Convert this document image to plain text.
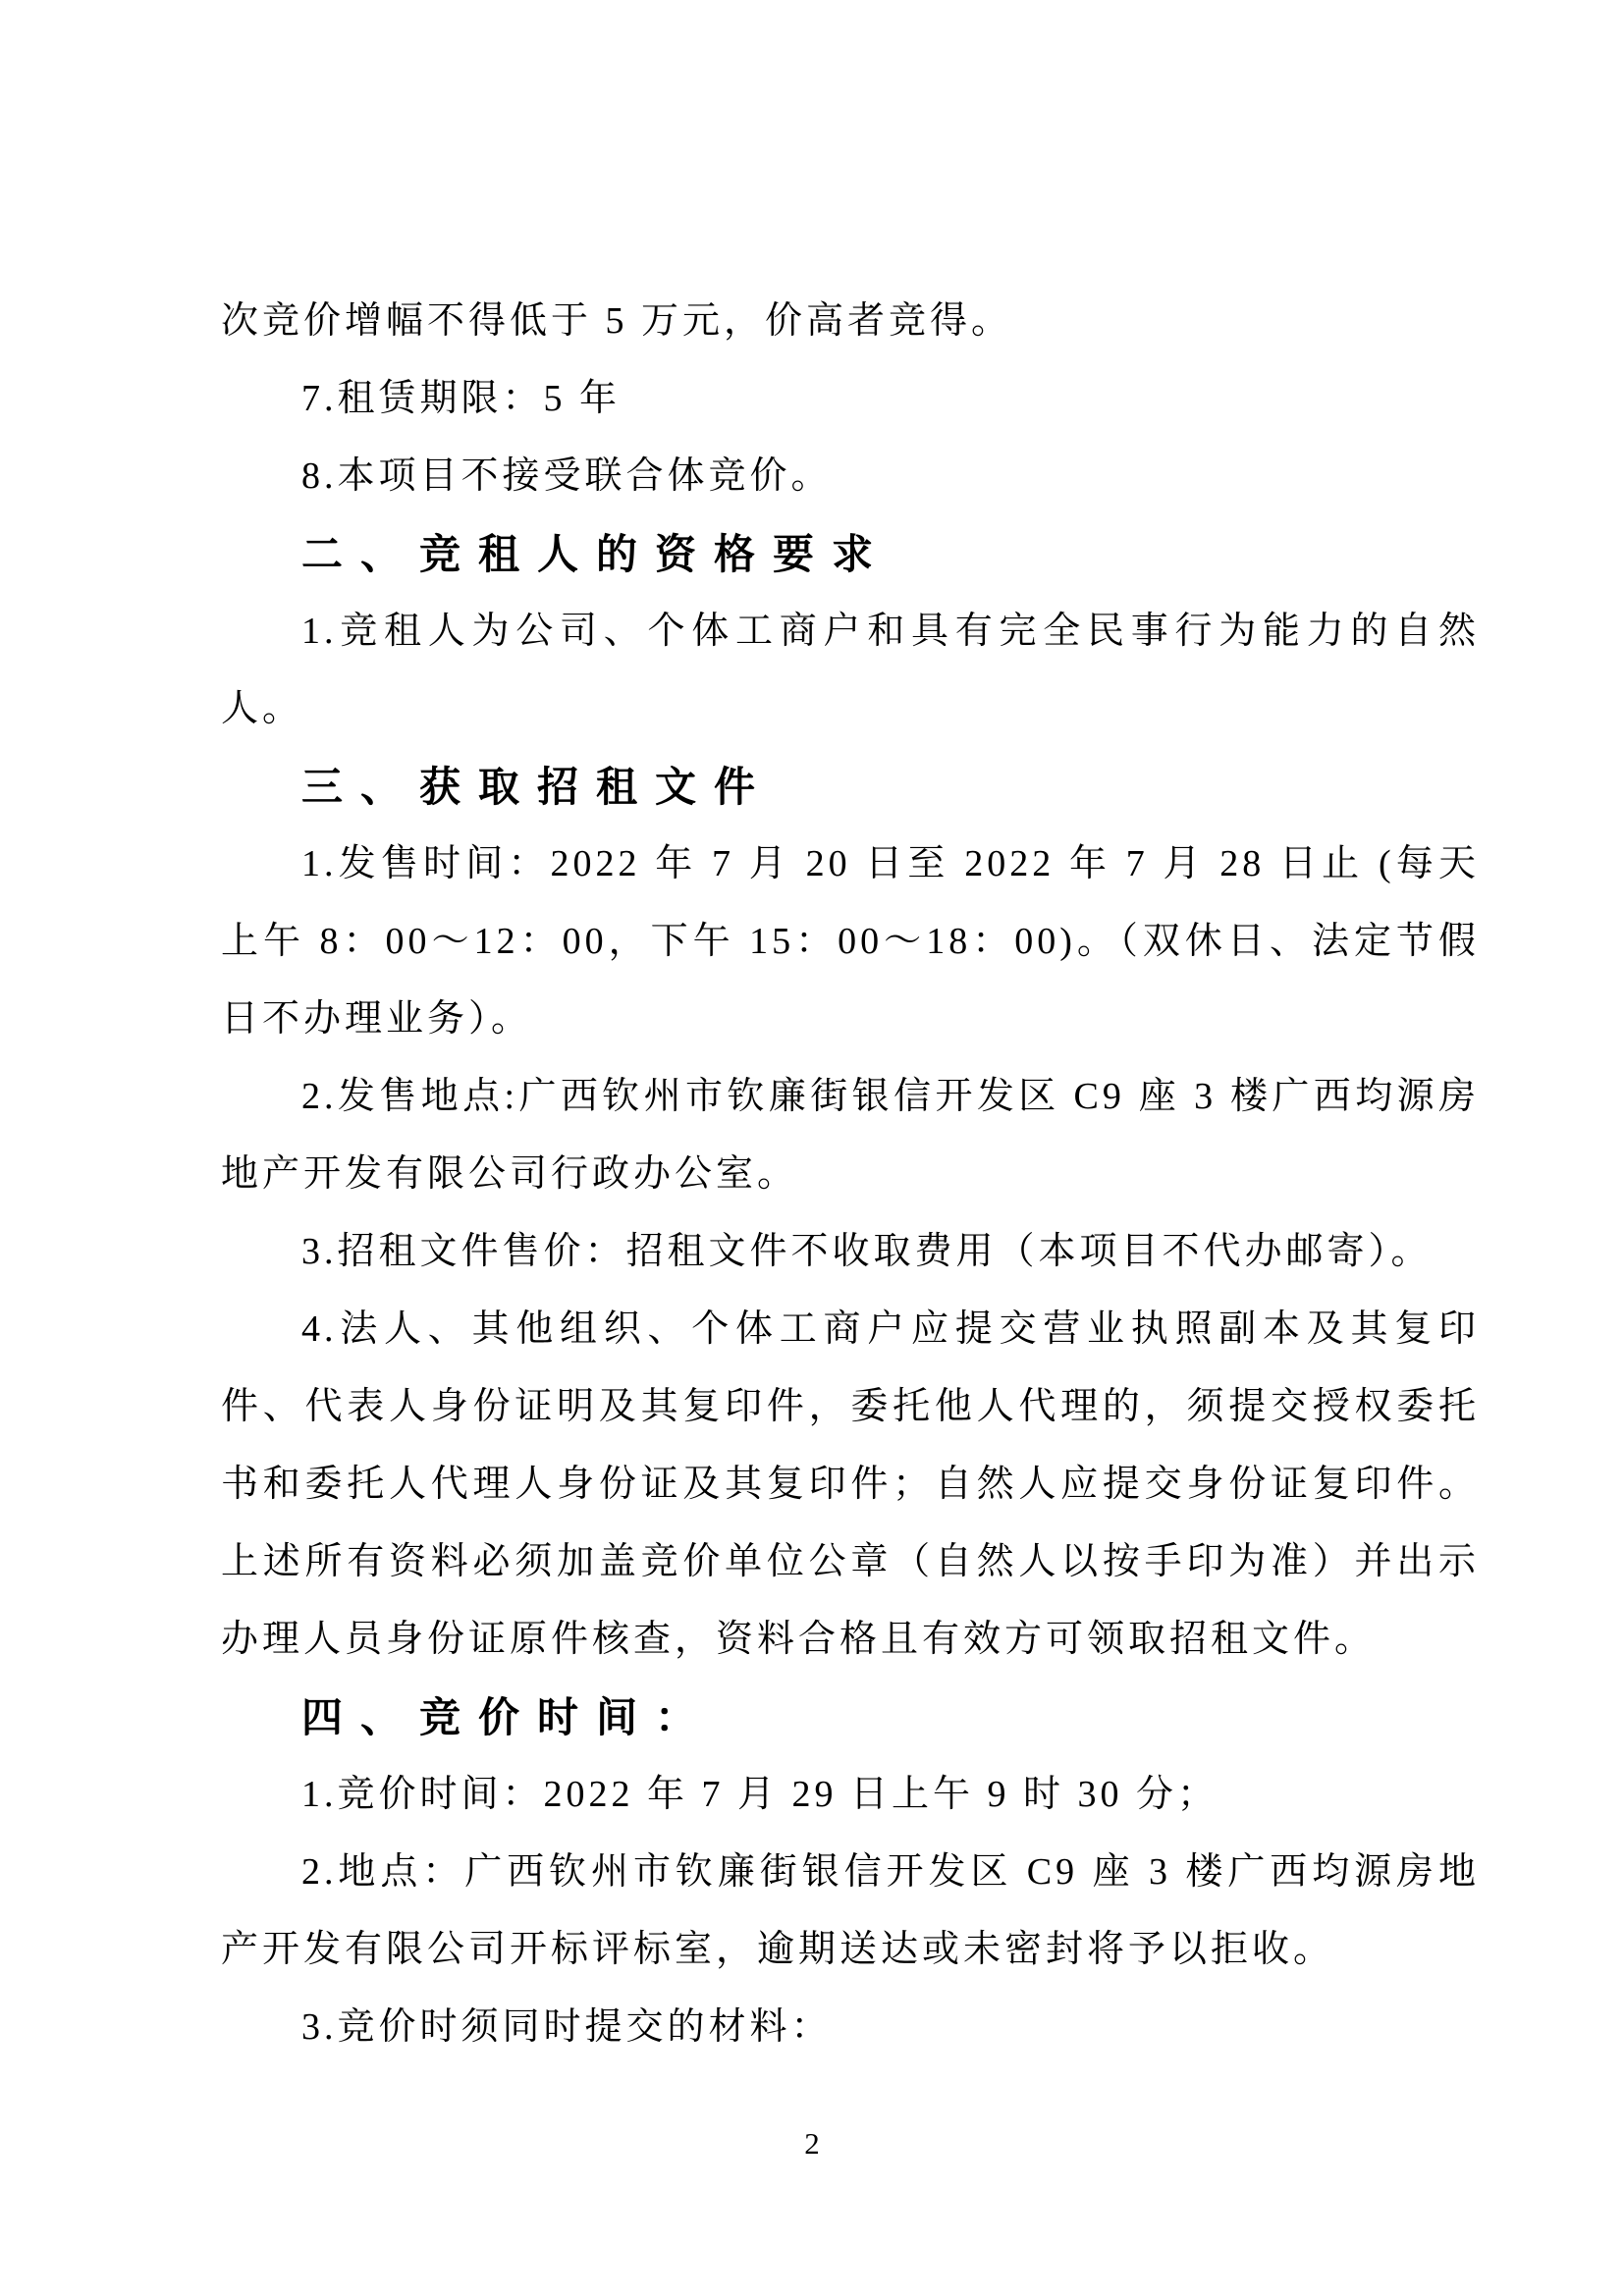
次竞价增幅不得低于 5 万元，价高者竞得。

7.租赁期限：5 年

8.本项目不接受联合体竞价。

二、竞租人的资格要求

1.竞租人为公司、个体工商户和具有完全民事行为能力的自然人。

三、获取招租文件

1.发售时间：2022 年 7 月 20 日至 2022 年 7 月 28 日止 (每天上午 8：00～12：00，下午 15：00～18：00)。（双休日、法定节假日不办理业务）。

2.发售地点:广西钦州市钦廉街银信开发区 C9 座 3 楼广西均源房地产开发有限公司行政办公室。

3.招租文件售价：招租文件不收取费用（本项目不代办邮寄）。

4.法人、其他组织、个体工商户应提交营业执照副本及其复印件、代表人身份证明及其复印件，委托他人代理的，须提交授权委托书和委托人代理人身份证及其复印件；自然人应提交身份证复印件。上述所有资料必须加盖竞价单位公章（自然人以按手印为准）并出示办理人员身份证原件核查，资料合格且有效方可领取招租文件。

四、竞价时间：

1.竞价时间：2022 年 7 月 29 日上午 9 时 30 分；

2.地点：广西钦州市钦廉街银信开发区 C9 座 3 楼广西均源房地产开发有限公司开标评标室，逾期送达或未密封将予以拒收。

3.竞价时须同时提交的材料：

2
